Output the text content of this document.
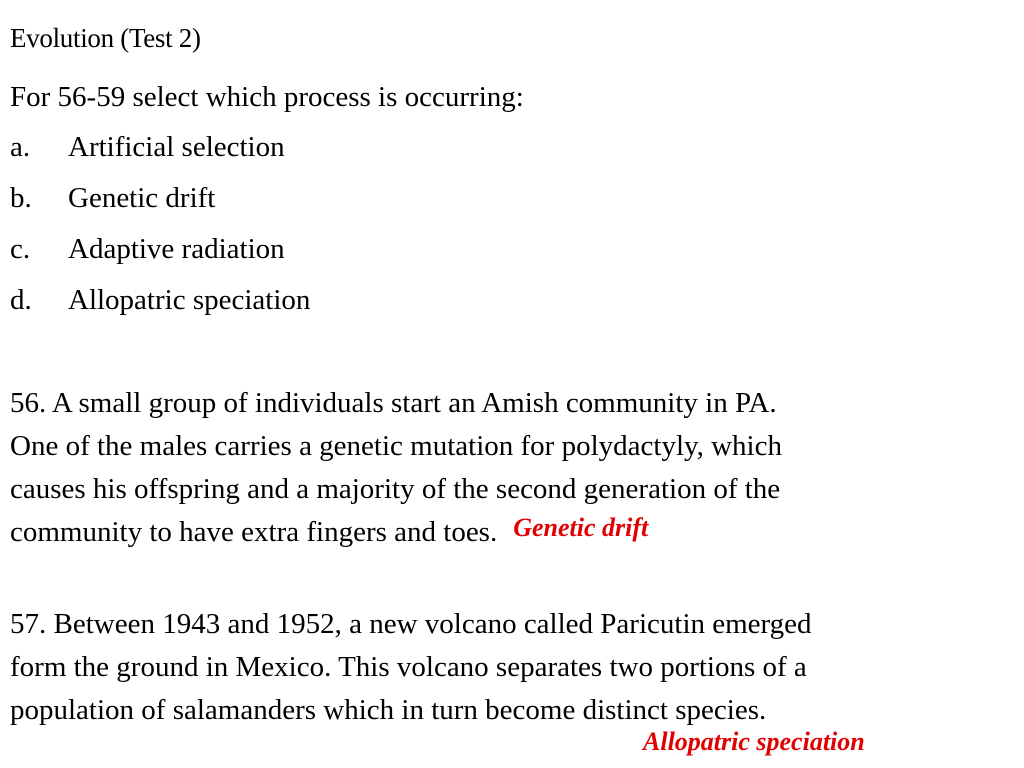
Evolution (Test 2)
For 56-59 select which process is occurring:
a. Artificial selection
b. Genetic drift
c. Adaptive radiation
d. Allopatric speciation
56. A small group of individuals start an Amish community in PA.
One of the males carries a genetic mutation for polydactyly, which
causes his offspring and a majority of the second generation of the
community to have extra fingers and toes. Genetic drift
57. Between 1943 and 1952, a new volcano called Paricutin emerged
form the ground in Mexico. This volcano separates two portions of a
population of salamanders which in turn become distinct species.
Allopatric speciation
